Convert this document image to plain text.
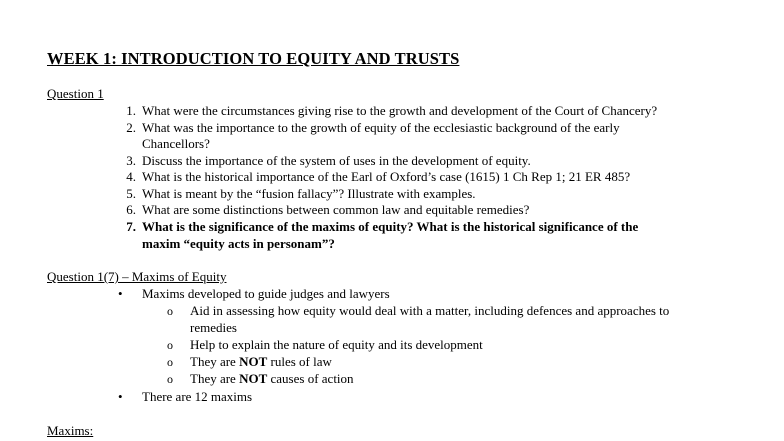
WEEK 1: INTRODUCTION TO EQUITY AND TRUSTS
Question 1
1. What were the circumstances giving rise to the growth and development of the Court of Chancery?
2. What was the importance to the growth of equity of the ecclesiastic background of the early
Chancellors?
3. Discuss the importance of the system of uses in the development of equity.
4. What is the historical importance of the Earl of Oxford’s case (1615) 1 Ch Rep 1; 21 ER 485?
5. What is meant by the “fusion fallacy”? Illustrate with examples.
6. What are some distinctions between common law and equitable remedies?
7. What is the significance of the maxims of equity? What is the historical significance of the
maxim “equity acts in personam”?
Question 1(7) – Maxims of Equity
• Maxims developed to guide judges and lawyers
o Aid in assessing how equity would deal with a matter, including defences and approaches to
remedies
o Help to explain the nature of equity and its development
o They are NOT rules of law
o They are NOT causes of action
• There are 12 maxims
Maxims:
